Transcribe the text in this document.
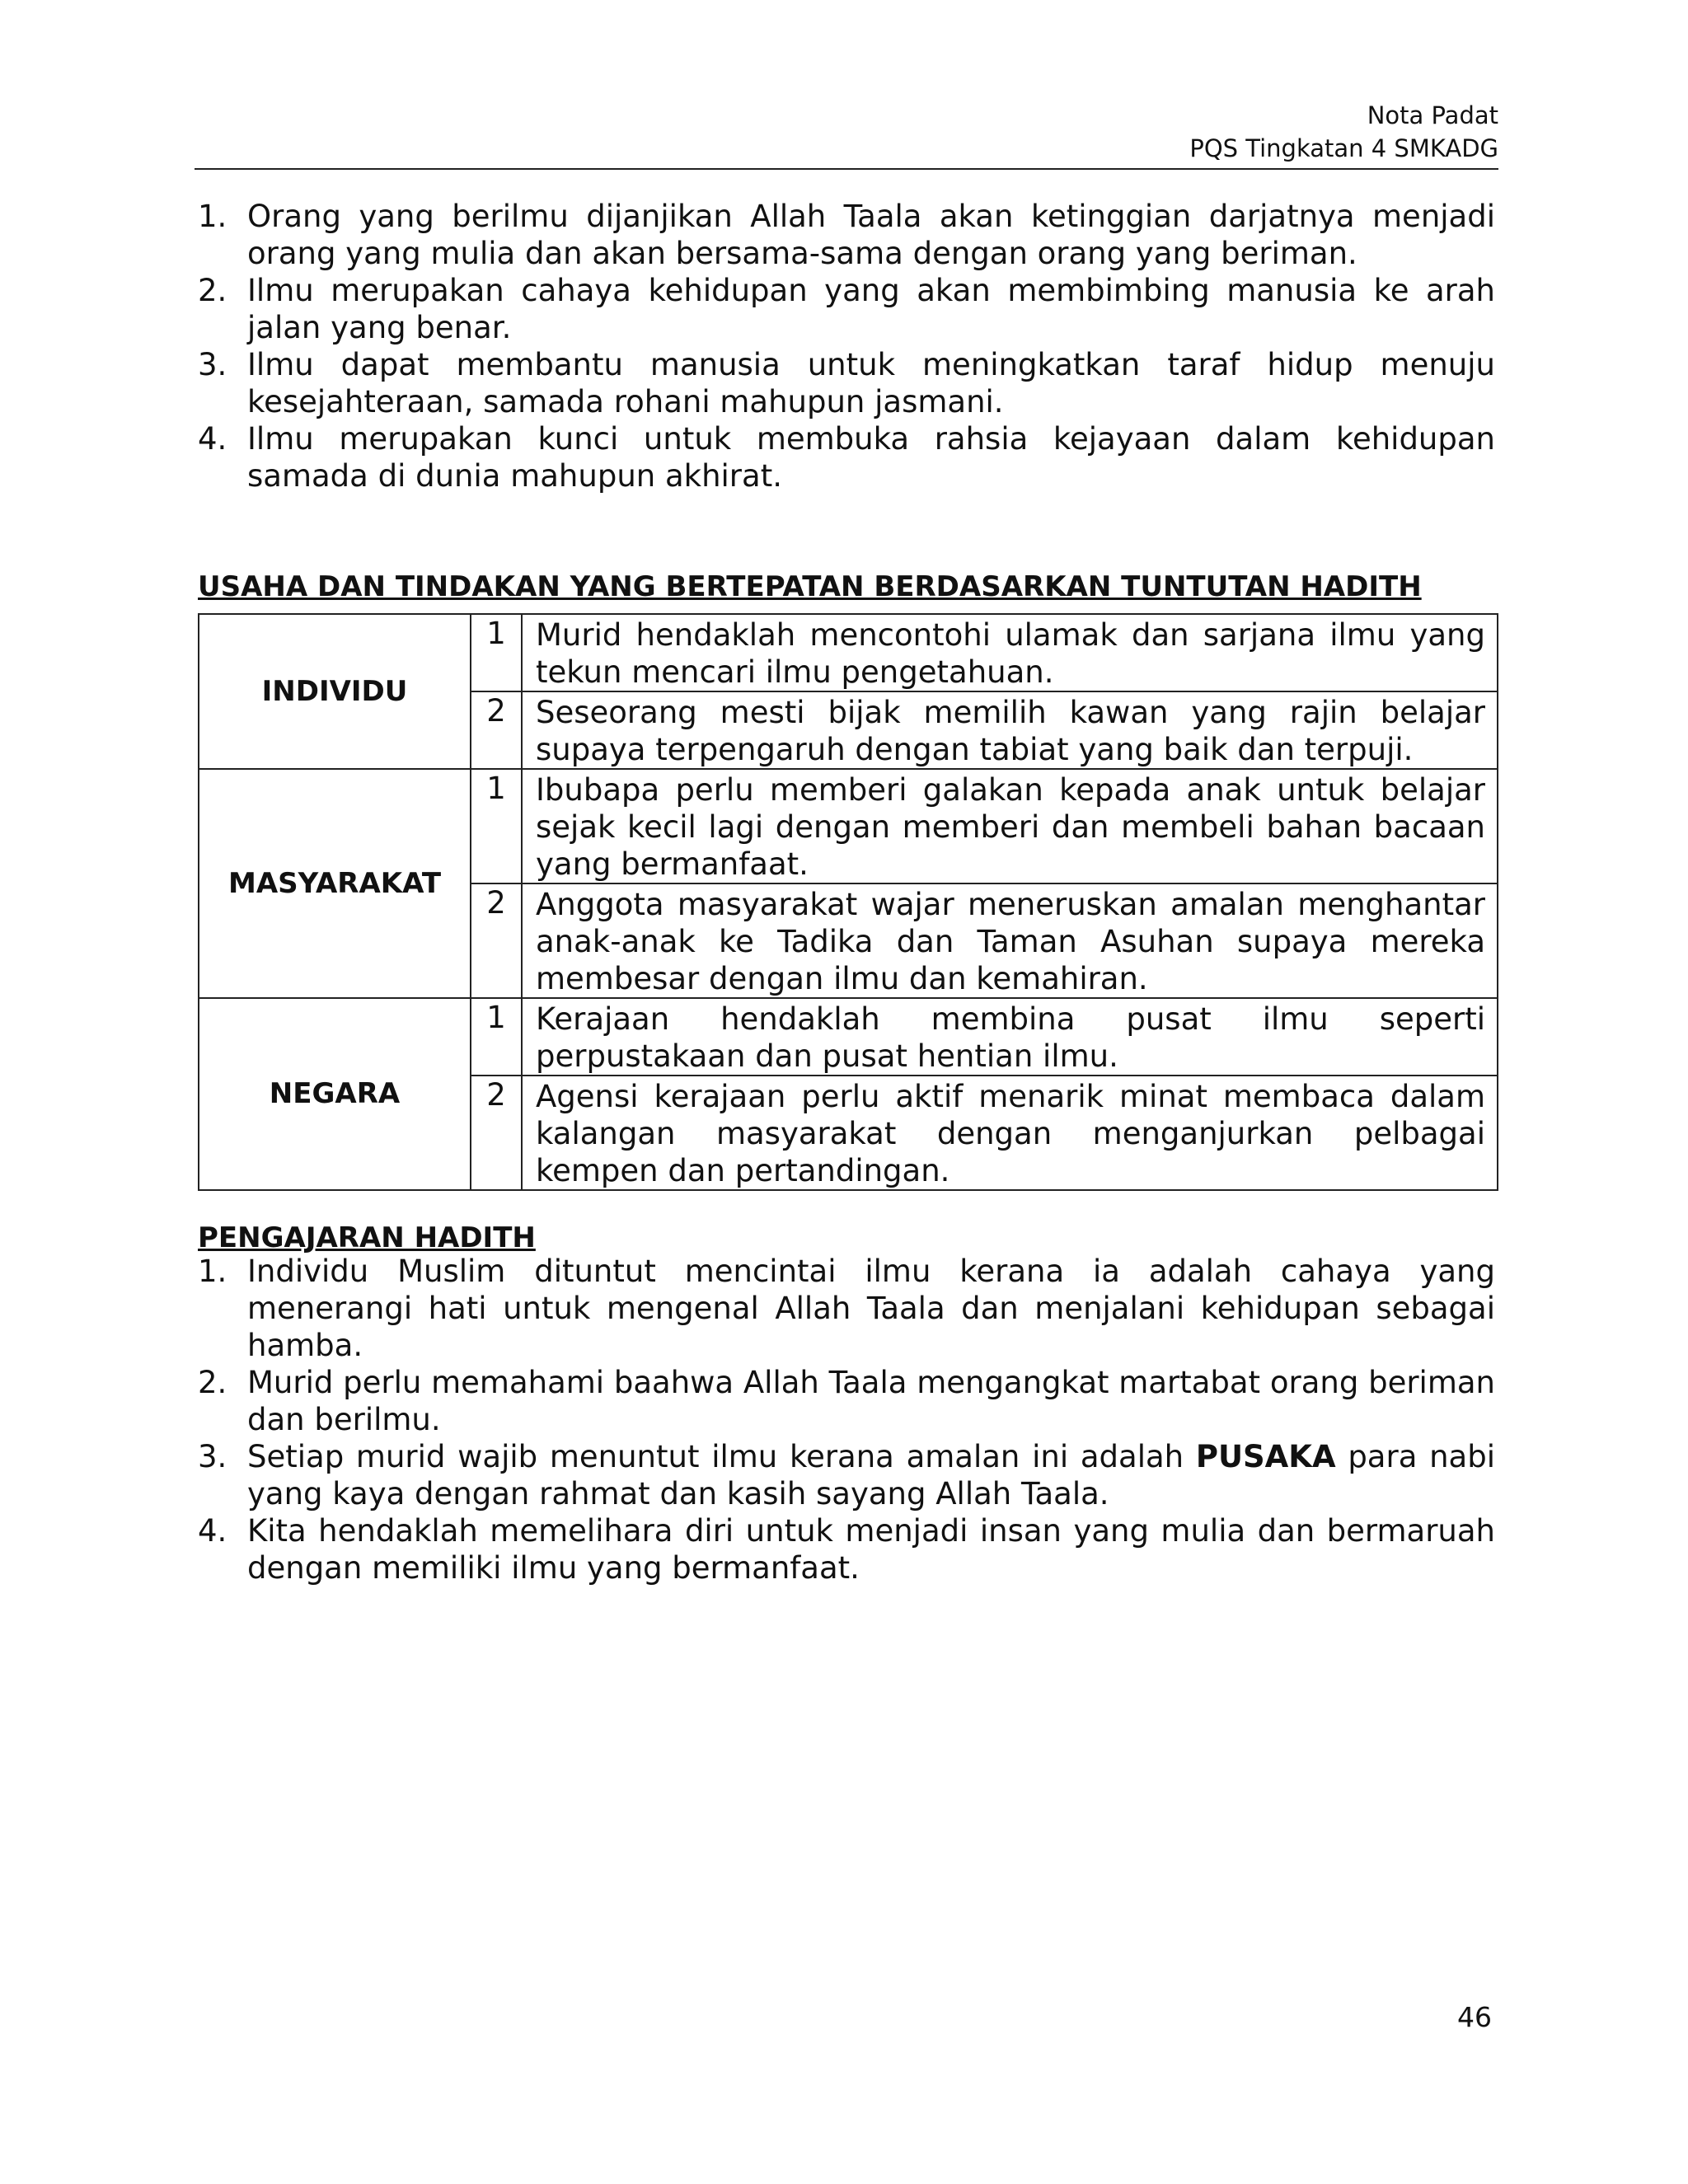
Nota Padat
PQS Tingkatan 4 SMKADG
1. Orang yang berilmu dijanjikan Allah Taala akan ketinggian darjatnya menjadi orang yang mulia dan akan bersama-sama dengan orang yang beriman.
2. Ilmu merupakan cahaya kehidupan yang akan membimbing manusia ke arah jalan yang benar.
3. Ilmu dapat membantu manusia untuk meningkatkan taraf hidup menuju kesejahteraan, samada rohani mahupun jasmani.
4. Ilmu merupakan kunci untuk membuka rahsia kejayaan dalam kehidupan samada di dunia mahupun akhirat.
USAHA DAN TINDAKAN YANG BERTEPATAN BERDASARKAN TUNTUTAN HADITH
INDIVIDU	1	Murid hendaklah mencontohi ulamak dan sarjana ilmu yang tekun mencari ilmu pengetahuan.
	2	Seseorang mesti bijak memilih kawan yang rajin belajar supaya terpengaruh dengan tabiat yang baik dan terpuji.
MASYARAKAT	1	Ibubapa perlu memberi galakan kepada anak untuk belajar sejak kecil lagi dengan memberi dan membeli bahan bacaan yang bermanfaat.
	2	Anggota masyarakat wajar meneruskan amalan menghantar anak-anak ke Tadika dan Taman Asuhan supaya mereka membesar dengan ilmu dan kemahiran.
NEGARA	1	Kerajaan hendaklah membina pusat ilmu seperti perpustakaan dan pusat hentian ilmu.
	2	Agensi kerajaan perlu aktif menarik minat membaca dalam kalangan masyarakat dengan menganjurkan pelbagai kempen dan pertandingan.
PENGAJARAN HADITH
1. Individu Muslim dituntut mencintai ilmu kerana ia adalah cahaya yang menerangi hati untuk mengenal Allah Taala dan menjalani kehidupan sebagai hamba.
2. Murid perlu memahami baahwa Allah Taala mengangkat martabat orang beriman dan berilmu.
3. Setiap murid wajib menuntut ilmu kerana amalan ini adalah PUSAKA para nabi yang kaya dengan rahmat dan kasih sayang Allah Taala.
4. Kita hendaklah memelihara diri untuk menjadi insan yang mulia dan bermaruah dengan memiliki ilmu yang bermanfaat.
46
